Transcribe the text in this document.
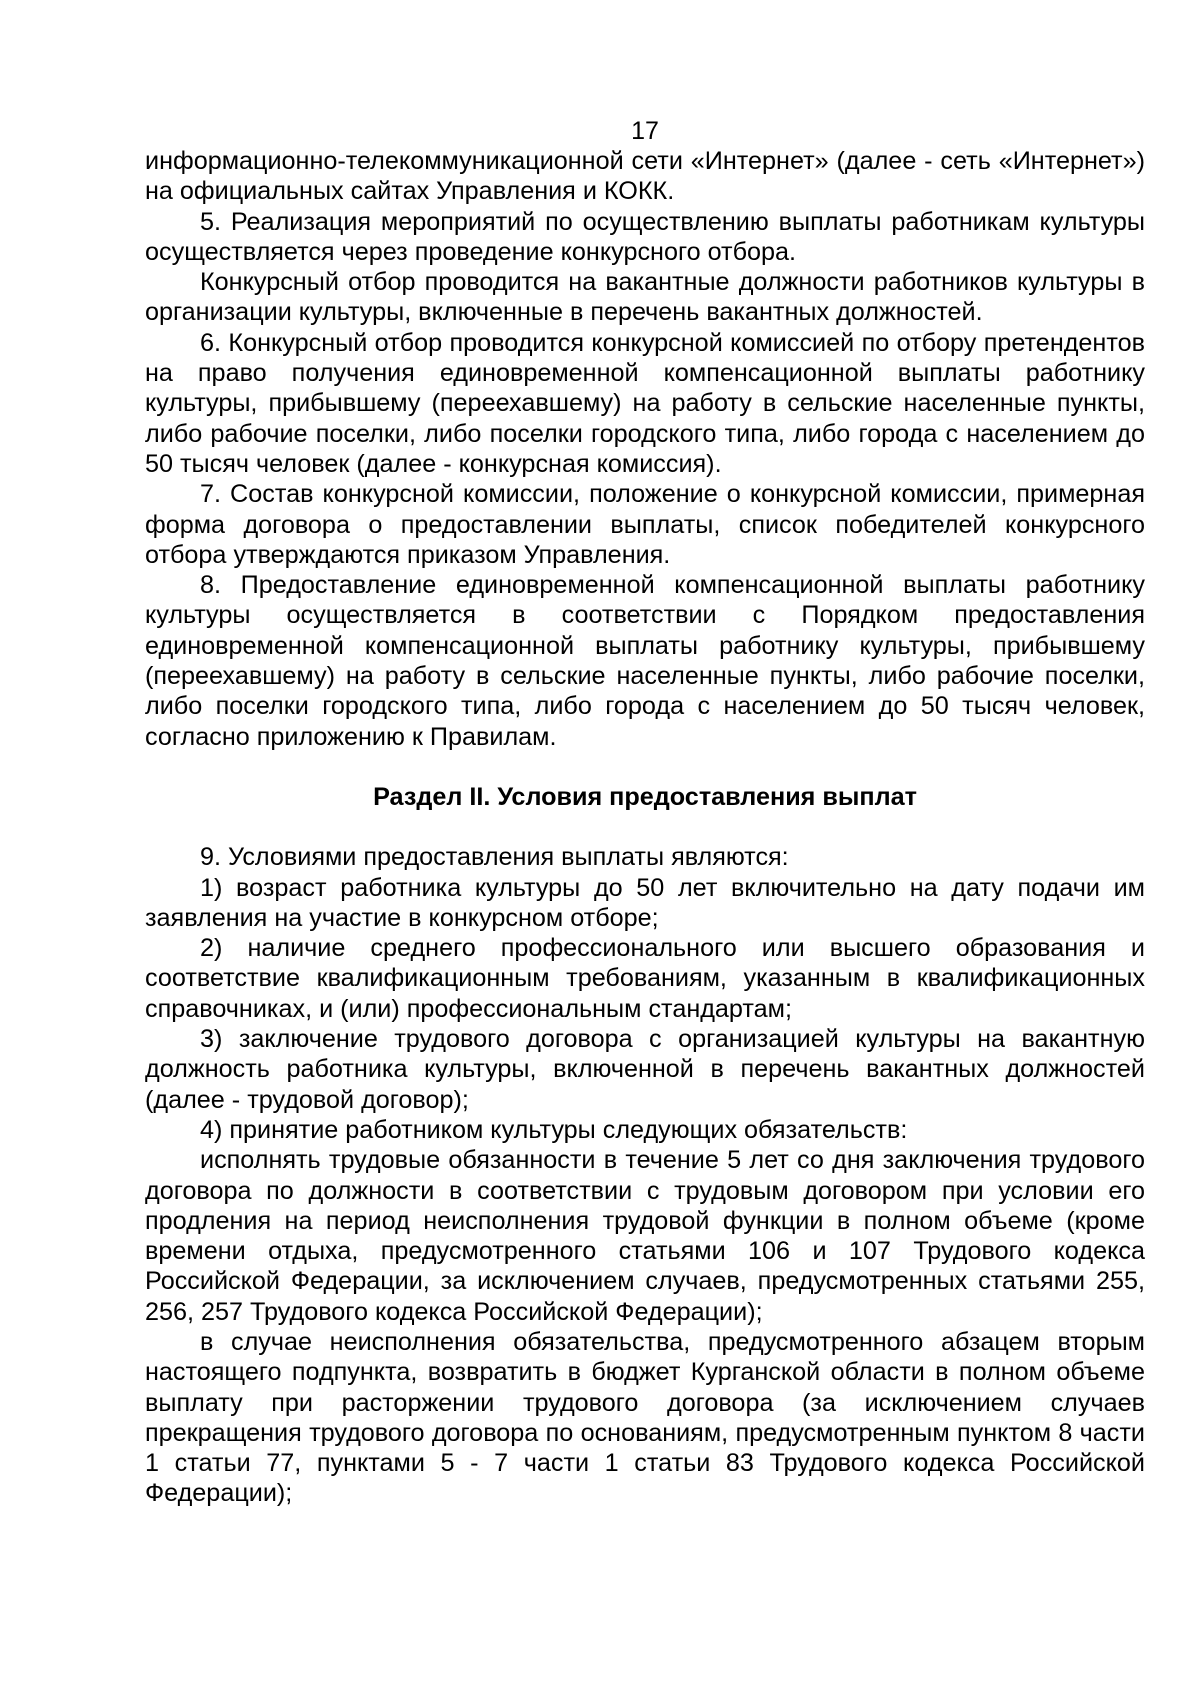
17

информационно-телекоммуникационной сети «Интернет» (далее - сеть «Интернет») на официальных сайтах Управления и КОКК.

5. Реализация мероприятий по осуществлению выплаты работникам культуры осуществляется через проведение конкурсного отбора.

Конкурсный отбор проводится на вакантные должности работников культуры в организации культуры, включенные в перечень вакантных должностей.

6. Конкурсный отбор проводится конкурсной комиссией по отбору претендентов на право получения единовременной компенсационной выплаты работнику культуры, прибывшему (переехавшему) на работу в сельские населенные пункты, либо рабочие поселки, либо поселки городского типа, либо города с населением до 50 тысяч человек (далее - конкурсная комиссия).

7. Состав конкурсной комиссии, положение о конкурсной комиссии, примерная форма договора о предоставлении выплаты, список победителей конкурсного отбора утверждаются приказом Управления.

8. Предоставление единовременной компенсационной выплаты работнику культуры осуществляется в соответствии с Порядком предоставления единовременной компенсационной выплаты работнику культуры, прибывшему (переехавшему) на работу в сельские населенные пункты, либо рабочие поселки, либо поселки городского типа, либо города с населением до 50 тысяч человек, согласно приложению к Правилам.

Раздел II. Условия предоставления выплат

9. Условиями предоставления выплаты являются:

1) возраст работника культуры до 50 лет включительно на дату подачи им заявления на участие в конкурсном отборе;

2) наличие среднего профессионального или высшего образования и соответствие квалификационным требованиям, указанным в квалификационных справочниках, и (или) профессиональным стандартам;

3) заключение трудового договора с организацией культуры на вакантную должность работника культуры, включенной в перечень вакантных должностей (далее - трудовой договор);

4) принятие работником культуры следующих обязательств:

исполнять трудовые обязанности в течение 5 лет со дня заключения трудового договора по должности в соответствии с трудовым договором при условии его продления на период неисполнения трудовой функции в полном объеме (кроме времени отдыха, предусмотренного статьями 106 и 107 Трудового кодекса Российской Федерации, за исключением случаев, предусмотренных статьями 255, 256, 257 Трудового кодекса Российской Федерации);

в случае неисполнения обязательства, предусмотренного абзацем вторым настоящего подпункта, возвратить в бюджет Курганской области в полном объеме выплату при расторжении трудового договора (за исключением случаев прекращения трудового договора по основаниям, предусмотренным пунктом 8 части 1 статьи 77, пунктами 5 - 7 части 1 статьи 83 Трудового кодекса Российской Федерации);
